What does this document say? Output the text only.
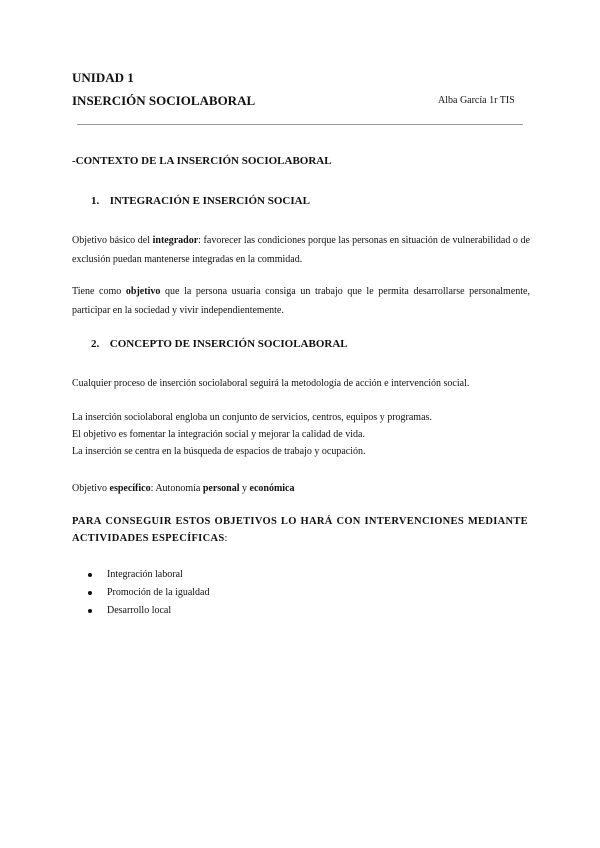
UNIDAD 1
INSERCIÓN SOCIOLABORAL	Alba García 1r TIS
-CONTEXTO DE LA INSERCIÓN SOCIOLABORAL
1. INTEGRACIÓN E INSERCIÓN SOCIAL
Objetivo básico del integrador: favorecer las condiciones porque las personas en situación de vulnerabilidad o de exclusión puedan mantenerse integradas en la commidad.
Tiene como objetivo que la persona usuaria consiga un trabajo que le permita desarrollarse personalmente, participar en la sociedad y vivir independientemente.
2. CONCEPTO DE INSERCIÓN SOCIOLABORAL
Cualquier proceso de inserción sociolaboral seguirá la metodología de acción e intervención social.
La inserción sociolaboral engloba un conjunto de servicios, centros, equipos y programas.
El objetivo es fomentar la integración social y mejorar la calidad de vida.
La inserción se centra en la búsqueda de espacios de trabajo y ocupación.
Objetivo específico: Autonomía personal y económica
PARA CONSEGUIR ESTOS OBJETIVOS LO HARÁ CON INTERVENCIONES MEDIANTE
ACTIVIDADES ESPECÍFICAS:
Integración laboral
Promoción de la igualdad
Desarrollo local
